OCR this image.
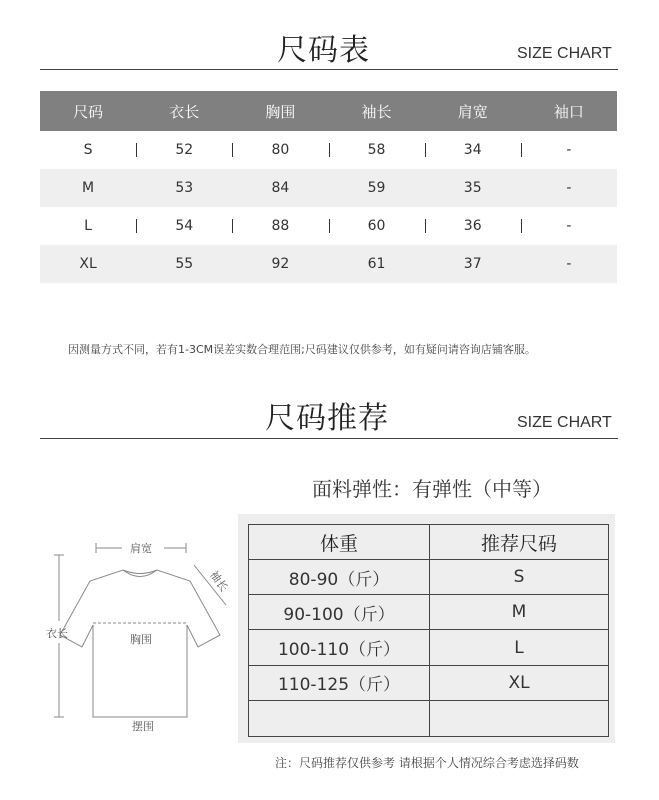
尺码表	SIZE CHART
尺码	衣长	胸围	袖长	肩宽	袖口
S	52	80	58	34	-
M	53	84	59	35	-
L	54	88	60	36	-
XL	55	92	61	37	-
因测量方式不同，若有1-3CM误差实数合理范围;尺码建议仅供参考，如有疑问请咨询店铺客服。
尺码推荐	SIZE CHART
面料弹性：有弹性（中等）
肩宽
袖长
衣长	胸围
摆围
体重	推荐尺码
80-90（斤）	S
90-100（斤）	M
100-110（斤）	L
110-125（斤）	XL

注：尺码推荐仅供参考 请根据个人情况综合考虑选择码数
